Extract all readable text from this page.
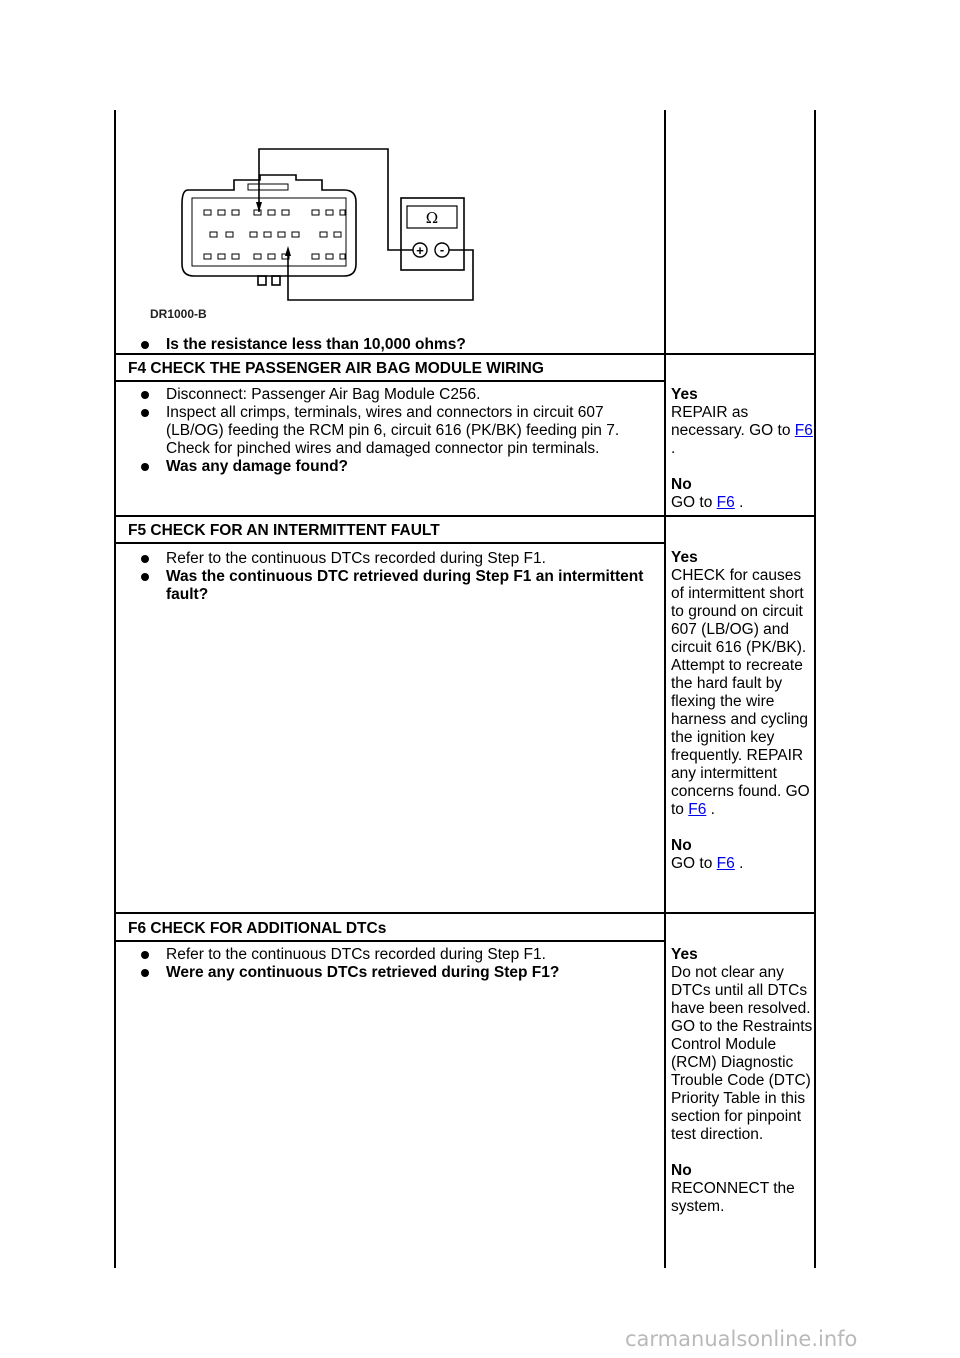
Ω
+ -
DR1000-B
Is the resistance less than 10,000 ohms?
F4 CHECK THE PASSENGER AIR BAG MODULE WIRING
Disconnect: Passenger Air Bag Module C256.
Inspect all crimps, terminals, wires and connectors in circuit 607 (LB/OG) feeding the RCM pin 6, circuit 616 (PK/BK) feeding pin 7. Check for pinched wires and damaged connector pin terminals.
Was any damage found?
Yes
REPAIR as necessary. GO to F6 .
No
GO to F6 .
F5 CHECK FOR AN INTERMITTENT FAULT
Refer to the continuous DTCs recorded during Step F1.
Was the continuous DTC retrieved during Step F1 an intermittent fault?
Yes
CHECK for causes of intermittent short to ground on circuit 607 (LB/OG) and circuit 616 (PK/BK). Attempt to recreate the hard fault by flexing the wire harness and cycling the ignition key frequently. REPAIR any intermittent concerns found. GO to F6 .
No
GO to F6 .
F6 CHECK FOR ADDITIONAL DTCs
Refer to the continuous DTCs recorded during Step F1.
Were any continuous DTCs retrieved during Step F1?
Yes
Do not clear any DTCs until all DTCs have been resolved. GO to the Restraints Control Module (RCM) Diagnostic Trouble Code (DTC) Priority Table in this section for pinpoint test direction.
No
RECONNECT the system.
carmanualsonline.info
